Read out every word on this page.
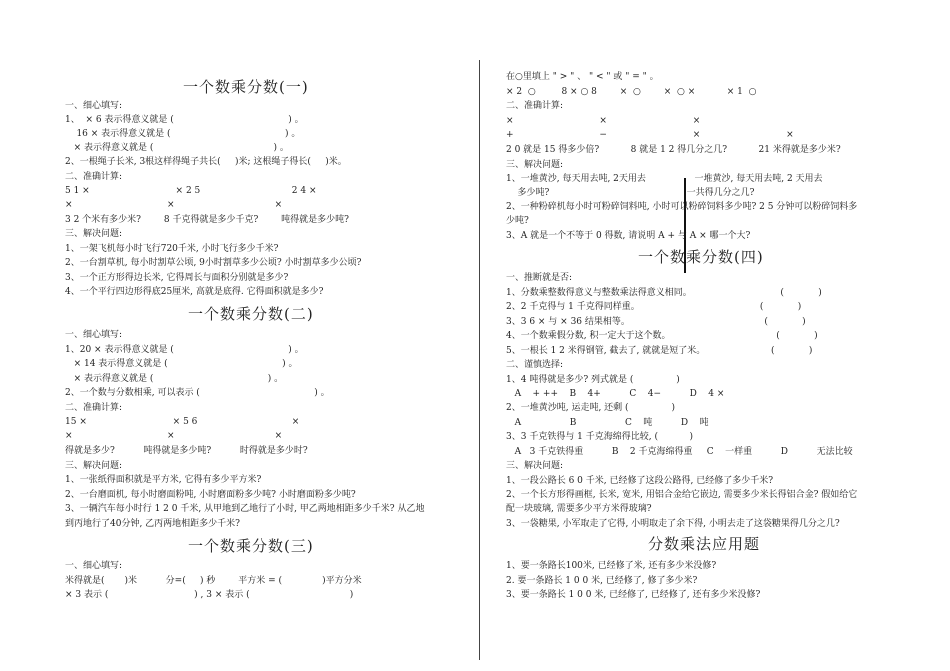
一个数乘分数(一)
一、细心填写:
1、  × 6 表示得意义就是 (                                        ) 。
16 × 表示得意义就是 (                                        ) 。
× 表示得意义就是 (                                          ) 。
2、一根绳子长米, 3根这样得绳子共长(     )米; 这根绳子得长(     )米。
二、准确计算:
5 1 ×                              × 2 5                                2 4 ×
×                                 ×                                   ×
3 2 个米有多少米?        8 千克得就是多少千克?        吨得就是多少吨?
三、解决问题:
1、一架飞机每小时飞行720千米, 小时飞行多少千米?
2、一台割草机, 每小时割草公顷, 9小时割草多少公顷? 小时割草多少公顷?
3、一个正方形得边长米, 它得周长与面积分别就是多少?
4、一个平行四边形得底25厘米, 高就是底得. 它得面积就是多少?
一个数乘分数(二)
一、细心填写:
1、20 × 表示得意义就是 (                                        ) 。
× 14 表示得意义就是 (                                        ) 。
× 表示得意义就是 (                                        ) 。
2、一个数与分数相乘, 可以表示 (                                        ) 。
二、准确计算:
15 ×                              × 5 6                                 ×
×                                 ×                                   ×
得就是多少?          吨得就是多少吨?          时得就是多少时?
三、解决问题:
1、一张纸得面积就是平方米, 它得有多少平方米?
2、一台磨面机, 每小时磨面粉吨, 小时磨面粉多少吨? 小时磨面粉多少吨?
3、一辆汽车每小时行 1 2 0 千米, 从甲地到乙地行了小时, 甲乙两地相距多少千米? 从乙地
到丙地行了40分钟, 乙丙两地相距多少千米?
一个数乘分数(三)
一、细心填写:
米得就是(       )米          分=(     ) 秒        平方米 = (              )平方分米
× 3 表示 (                              ) , 3 × 表示 (                                   )
在○里填上 " > " 、 " < " 或 " = " 。
× 2  ○         8 × ○ 8        ×  ○        ×  ○ ×           × 1  ○
二、准确计算:
×                              ×                              ×
+                              −                              ×                              ×
2 0 就是 15 得多少倍?           8 就是 1 2 得几分之几?           21 米得就是多少米?
三、解决问题:
1、一堆黄沙, 每天用去吨, 2天用去                 一堆黄沙, 每天用去吨, 2 天用去
多少吨?                                                一共得几分之几?
2、一种粉碎机每小时可粉碎饲料吨, 小时可以粉碎饲料多少吨? 2 5 分钟可以粉碎饲料多
少吨?
3、A 就是一个不等于 0 得数, 请说明 A + 与 A × 哪一个大?
一个数乘分数(四)
一、推断就是否:
1、分数乘整数得意义与整数乘法得意义相同。                               (            )
2、2 千克得与 1 千克得同样重。                                          (            )
3、3 6 × 与 × 36 结果相等。                                               (            )
4、一个数乘假分数, 积一定大于这个数。                                     (            )
5、一根长 1 2 米得钢管, 截去了, 就就是短了米。                       (            )
二、谨慎选择:
1、4 吨得就是多少? 列式就是 (               )
A    + ++    B    4+          C    4−          D    4 ×
2、一堆黄沙吨, 运走吨, 还剩 (               )
A                 B                 C    吨          D    吨
3、3 千克铁得与 1 千克海绵得比较, (           )
A   3 千克铁得重          B    2 千克海绵得重     C    一样重          D          无法比较
三、解决问题:
1、一段公路长 6 0 千米, 已经修了这段公路得, 已经修了多少千米?
2、一个长方形得画框, 长米, 宽米, 用铝合金给它嵌边, 需要多少米长得铝合金? 假如给它
配一块玻璃, 需要多少平方米得玻璃?
3、一袋糖果, 小军取走了它得, 小明取走了余下得, 小明去走了这袋糖果得几分之几?
分数乘法应用题
1、要一条路长100米, 已经修了米, 还有多少米没修?
2. 要一条路长 1 0 0 米, 已经修了, 修了多少米?
3、要一条路长 1 0 0 米, 已经修了, 已经修了, 还有多少米没修?
